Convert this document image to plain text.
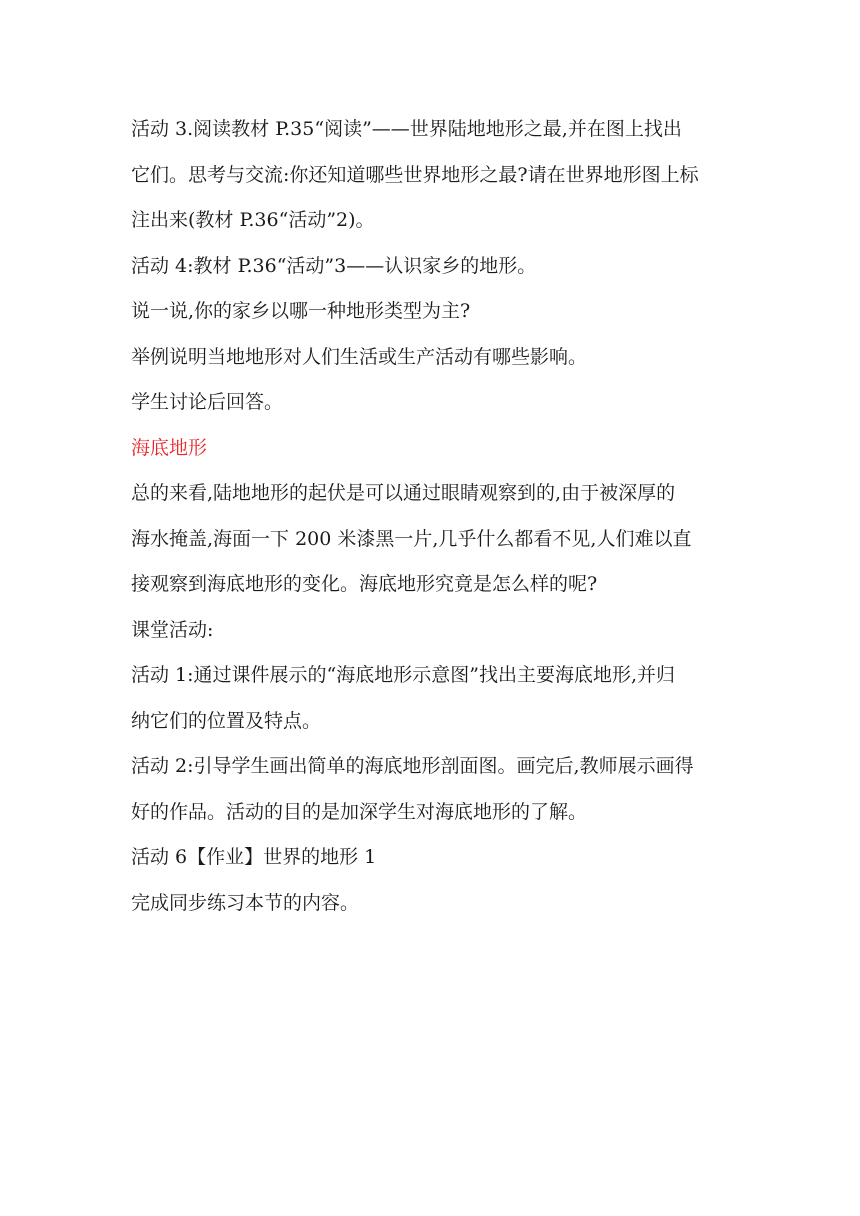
活动 3.阅读教材 P.35“阅读”——世界陆地地形之最,并在图上找出
它们。思考与交流:你还知道哪些世界地形之最?请在世界地形图上标
注出来(教材 P.36“活动”2)。
活动 4:教材 P.36“活动”3——认识家乡的地形。
说一说,你的家乡以哪一种地形类型为主?
举例说明当地地形对人们生活或生产活动有哪些影响。
学生讨论后回答。
海底地形
总的来看,陆地地形的起伏是可以通过眼睛观察到的,由于被深厚的
海水掩盖,海面一下 200 米漆黑一片,几乎什么都看不见,人们难以直
接观察到海底地形的变化。海底地形究竟是怎么样的呢?
课堂活动:
活动 1:通过课件展示的“海底地形示意图”找出主要海底地形,并归
纳它们的位置及特点。
活动 2:引导学生画出简单的海底地形剖面图。画完后,教师展示画得
好的作品。活动的目的是加深学生对海底地形的了解。
活动 6【作业】世界的地形 1
完成同步练习本节的内容。
